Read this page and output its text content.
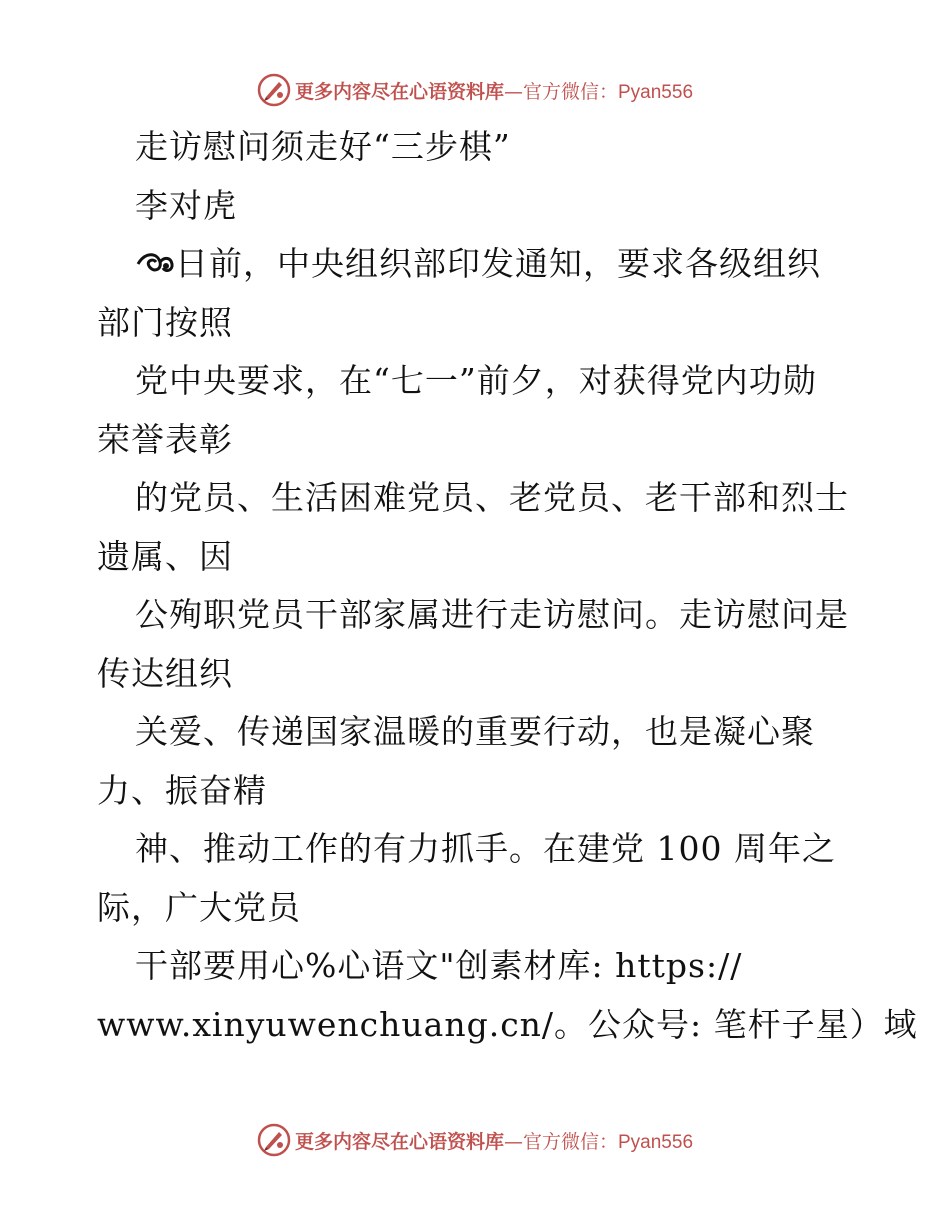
更多内容尽在心语资料库—官方微信：Pyan556
走访慰问须走好“三步棋”
李对虎
日前，中央组织部印发通知，要求各级组织
部门按照
党中央要求，在“七一”前夕，对获得党内功勋
荣誉表彰
的党员、生活困难党员、老党员、老干部和烈士
遗属、因
公殉职党员干部家属进行走访慰问。走访慰问是
传达组织
关爱、传递国家温暖的重要行动，也是凝心聚
力、振奋精
神、推动工作的有力抓手。在建党 100 周年之
际，广大党员
干部要用心%心语文"创素材库: https://
www.xinyuwenchuang.cn/。公众号: 笔杆子星）域
更多内容尽在心语资料库—官方微信：Pyan556
